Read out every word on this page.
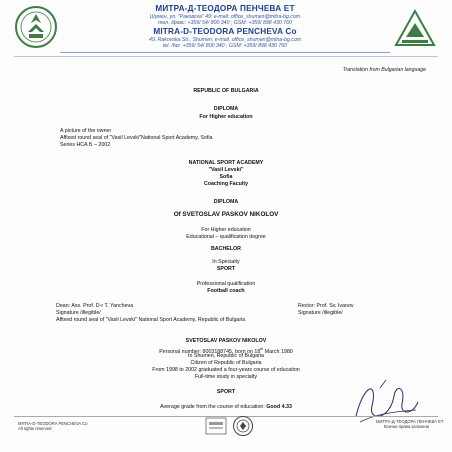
МИТРА-Д-ТЕОДОРА ПЕНЧЕВА ЕТ
Шумен, ул. "Раковска" 49; e-mail: office_shumen@mitra-bg.com
тел. /факс: +359/ 54/ 800 340 ; GSM: +359/ 898 430 760
MITRA-D-TEODORA PENCHEVA Co
49, Rakovska Str., Shumen; e-mail: office_shumen@mitra-bg.com
tel. /fax: +359/ 54/ 800 340 ; GSM: +359/ 898 430 760
Translation from Bulgarian language
REPUBLIC OF BULGARIA
DIPLOMA
For Higher education
A picture of the owner
Affixed round seal of "Vasil Levski"National Sport Academy, Sofia
Series НСА Б – 2002
NATIONAL SPORT ACADEMY
"Vasil Levski"
Sofia
Coaching Faculty
DIPLOMA
Of SVETOSLAV PASKOV NIKOLOV
For Higher education
Educational – qualification degree
BACHELOR
In Specialty
SPORT
Professional qualification
Football coach
Dean: Ass. Prof. D-r T. Yancheva	Rector: Prof. Sv. Ivanov
Signature /illegible/	Signature /illegible/
Affixed round seal of "Vasil Levski" National Sport Academy, Republic of Bulgaria
SVETOSLAV PASKOV NIKOLOV
Personal number: 8003188745, born on 18th March 1980
In Shumen, Republic of Bulgaria
Citizen of Republic of Bulgaria
From 1998 to 2002 graduated a four-years course of education
Full-time study in specialty
SPORT
Average grade from the course of education: Good 4.33
MITRA-D-TEODORA PENCHEVA Co
All rights reserved
МИТРА-Д-ТЕОДОРА ПЕНЧЕВА ЕТ
Всички права запазени
